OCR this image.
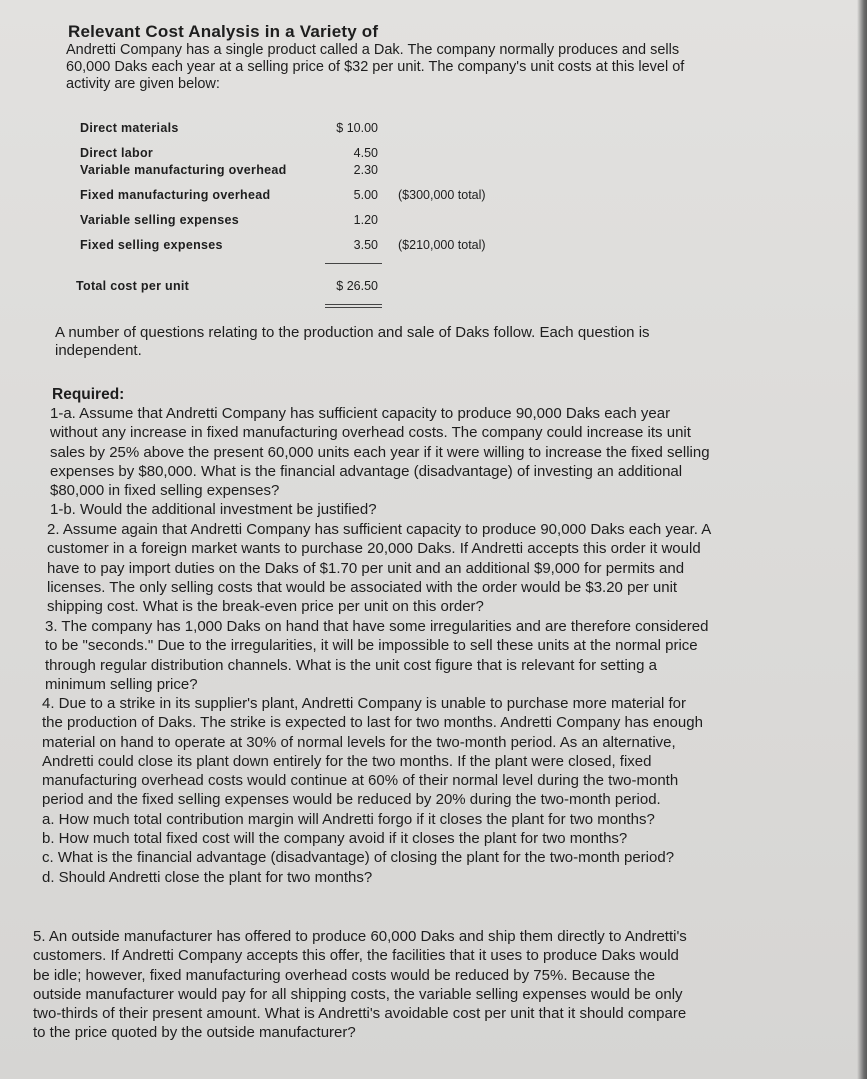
Relevant Cost Analysis in a Variety of
Andretti Company has a single product called a Dak. The company normally produces and sells
60,000 Daks each year at a selling price of $32 per unit. The company's unit costs at this level of
activity are given below:
Direct materials	$ 10.00
Direct labor	4.50
Variable manufacturing overhead	2.30
Fixed manufacturing overhead	5.00 ($300,000 total)
Variable selling expenses	1.20
Fixed selling expenses	3.50 ($210,000 total)
Total cost per unit	$ 26.50
A number of questions relating to the production and sale of Daks follow. Each question is
independent.
Required:
1-a. Assume that Andretti Company has sufficient capacity to produce 90,000 Daks each year
without any increase in fixed manufacturing overhead costs. The company could increase its unit
sales by 25% above the present 60,000 units each year if it were willing to increase the fixed selling
expenses by $80,000. What is the financial advantage (disadvantage) of investing an additional
$80,000 in fixed selling expenses?
1-b. Would the additional investment be justified?
2. Assume again that Andretti Company has sufficient capacity to produce 90,000 Daks each year. A
customer in a foreign market wants to purchase 20,000 Daks. If Andretti accepts this order it would
have to pay import duties on the Daks of $1.70 per unit and an additional $9,000 for permits and
licenses. The only selling costs that would be associated with the order would be $3.20 per unit
shipping cost. What is the break-even price per unit on this order?
3. The company has 1,000 Daks on hand that have some irregularities and are therefore considered
to be "seconds." Due to the irregularities, it will be impossible to sell these units at the normal price
through regular distribution channels. What is the unit cost figure that is relevant for setting a
minimum selling price?
4. Due to a strike in its supplier's plant, Andretti Company is unable to purchase more material for
the production of Daks. The strike is expected to last for two months. Andretti Company has enough
material on hand to operate at 30% of normal levels for the two-month period. As an alternative,
Andretti could close its plant down entirely for the two months. If the plant were closed, fixed
manufacturing overhead costs would continue at 60% of their normal level during the two-month
period and the fixed selling expenses would be reduced by 20% during the two-month period.
a. How much total contribution margin will Andretti forgo if it closes the plant for two months?
b. How much total fixed cost will the company avoid if it closes the plant for two months?
c. What is the financial advantage (disadvantage) of closing the plant for the two-month period?
d. Should Andretti close the plant for two months?
5. An outside manufacturer has offered to produce 60,000 Daks and ship them directly to Andretti's
customers. If Andretti Company accepts this offer, the facilities that it uses to produce Daks would
be idle; however, fixed manufacturing overhead costs would be reduced by 75%. Because the
outside manufacturer would pay for all shipping costs, the variable selling expenses would be only
two-thirds of their present amount. What is Andretti's avoidable cost per unit that it should compare
to the price quoted by the outside manufacturer?
